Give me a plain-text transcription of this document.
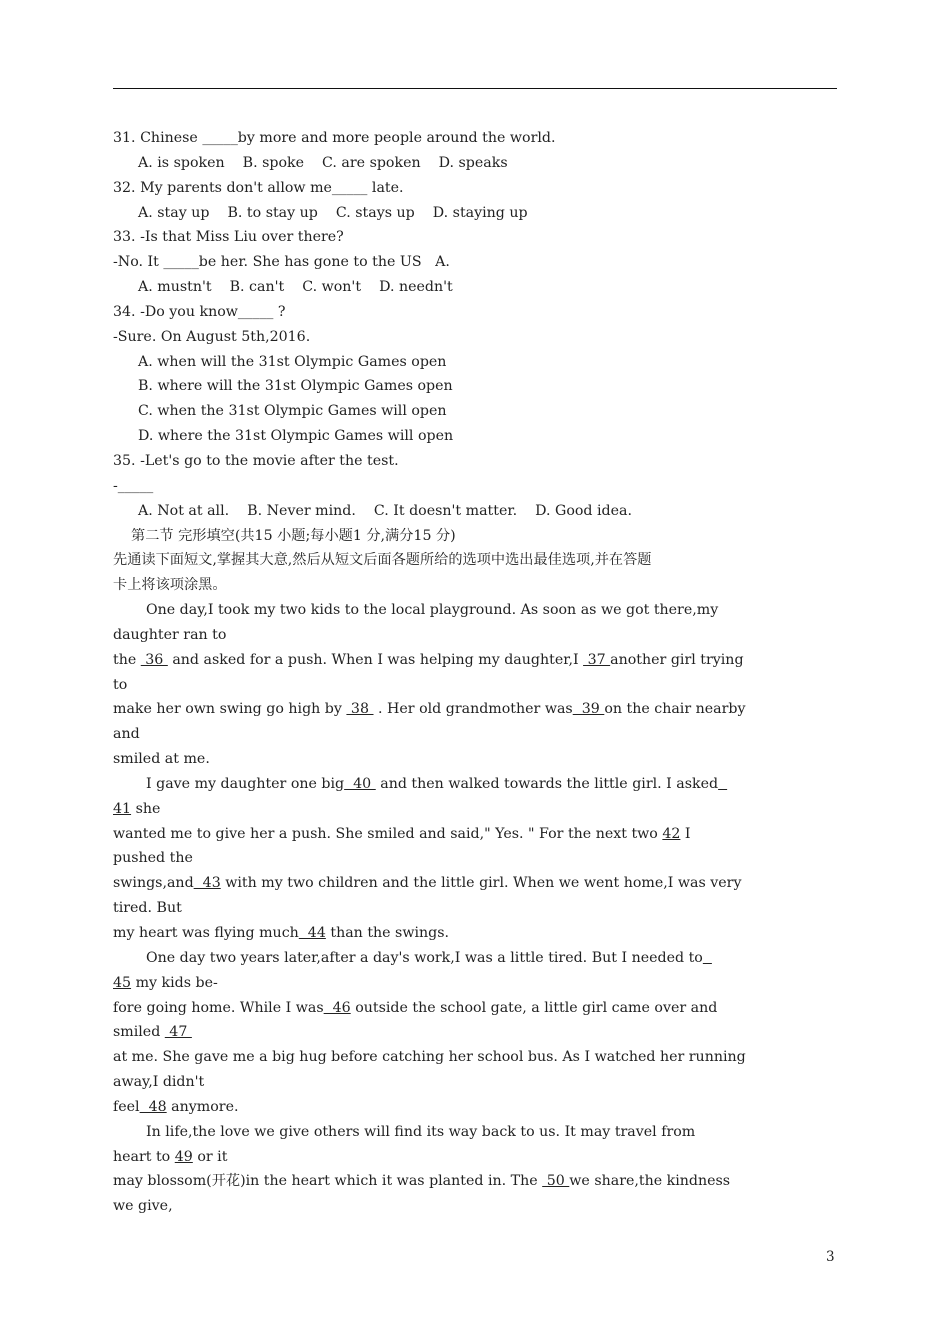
31. Chinese _____by more and more people around the world.
A. is spoken    B. spoke    C. are spoken    D. speaks
32. My parents don't allow me_____ late.
A. stay up    B. to stay up    C. stays up    D. staying up
33. -Is that Miss Liu over there?
-No. It _____be her. She has gone to the US   A.
A. mustn't    B. can't    C. won't    D. needn't
34. -Do you know_____ ?
-Sure. On August 5th,2016.
A. when will the 31st Olympic Games open
B. where will the 31st Olympic Games open
C. when the 31st Olympic Games will open
D. where the 31st Olympic Games will open
35. -Let's go to the movie after the test.
-_____
A. Not at all.    B. Never mind.    C. It doesn't matter.    D. Good idea.
第二节 完形填空(共15 小题;每小题1 分,满分15 分)
先通读下面短文,掌握其大意,然后从短文后面各题所给的选项中选出最佳选项,并在答题
卡上将该项涂黑。
One day,I took my two kids to the local playground. As soon as we got there,my
daughter ran to
the  36  and asked for a push. When I was helping my daughter,I  37 another girl trying
to
make her own swing go high by  38  . Her old grandmother was  39 on the chair nearby
and
smiled at me.
I gave my daughter one big  40  and then walked towards the little girl. I asked
41 she
wanted me to give her a push. She smiled and said," Yes. " For the next two 42 I
pushed the
swings,and  43 with my two children and the little girl. When we went home,I was very
tired. But
my heart was flying much  44 than the swings.
One day two years later,after a day's work,I was a little tired. But I needed to
45 my kids be-
fore going home. While I was  46 outside the school gate, a little girl came over and
smiled  47
at me. She gave me a big hug before catching her school bus. As I watched her running
away,I didn't
feel  48 anymore.
In life,the love we give others will find its way back to us. It may travel from
heart to 49 or it
may blossom(开花)in the heart which it was planted in. The  50 we share,the kindness
we give,
3
